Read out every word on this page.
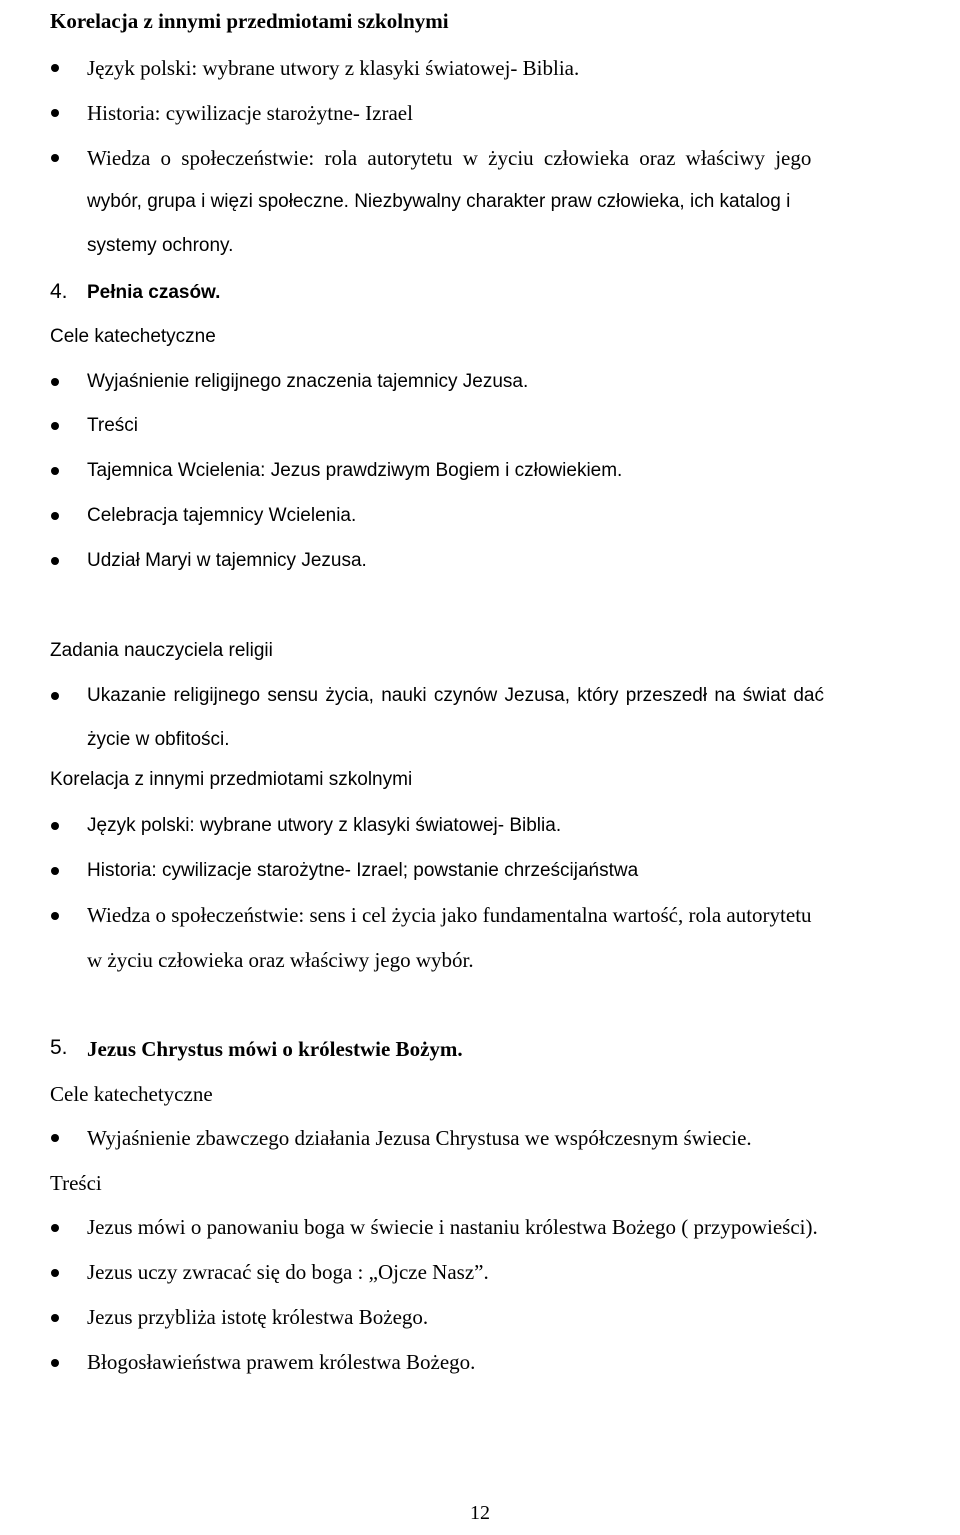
Korelacja z innymi przedmiotami szkolnymi
Język polski: wybrane utwory z klasyki światowej- Biblia.
Historia: cywilizacje starożytne- Izrael
Wiedza o społeczeństwie: rola autorytetu w życiu człowieka oraz właściwy jego
wybór, grupa i więzi społeczne. Niezbywalny charakter praw człowieka, ich katalog i
systemy ochrony.
4. Pełnia czasów.
Cele katechetyczne
Wyjaśnienie religijnego znaczenia tajemnicy Jezusa.
Treści
Tajemnica Wcielenia: Jezus prawdziwym Bogiem i człowiekiem.
Celebracja tajemnicy Wcielenia.
Udział Maryi w tajemnicy Jezusa.
Zadania nauczyciela religii
Ukazanie religijnego sensu życia, nauki czynów Jezusa, który przeszedł na świat dać
życie w obfitości.
Korelacja z innymi przedmiotami szkolnymi
Język polski: wybrane utwory z klasyki światowej- Biblia.
Historia: cywilizacje starożytne- Izrael; powstanie chrześcijaństwa
Wiedza o społeczeństwie: sens i cel życia jako fundamentalna wartość, rola autorytetu
w życiu człowieka oraz właściwy jego wybór.
5. Jezus Chrystus mówi o królestwie Bożym.
Cele katechetyczne
Wyjaśnienie zbawczego działania Jezusa Chrystusa we współczesnym świecie.
Treści
Jezus mówi o panowaniu boga w świecie i nastaniu królestwa Bożego ( przypowieści).
Jezus uczy zwracać się do boga : „Ojcze Nasz”.
Jezus przybliża istotę królestwa Bożego.
Błogosławieństwa prawem królestwa Bożego.
12
